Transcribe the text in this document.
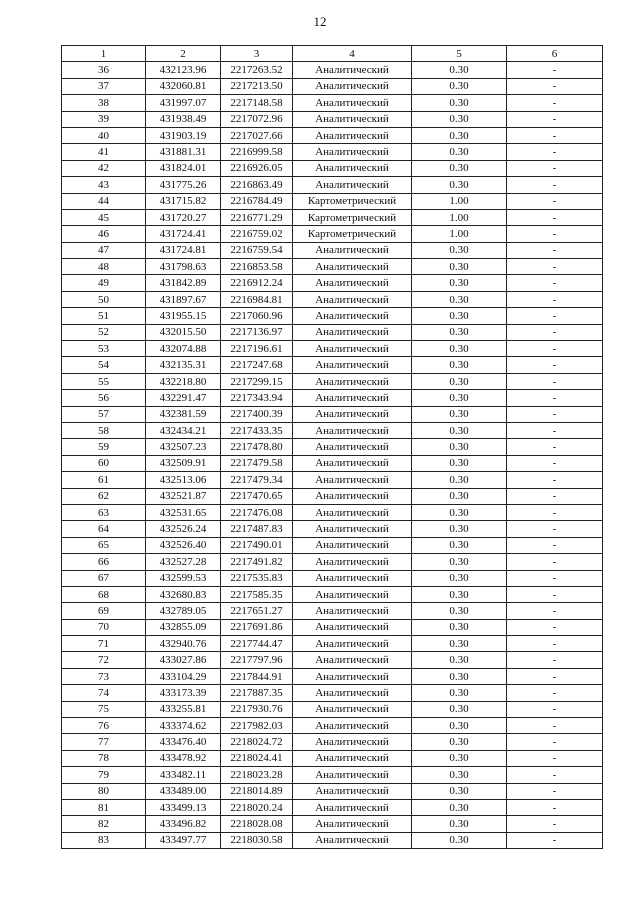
12
1	2	3	4	5	6
36	432123.96	2217263.52	Аналитический	0.30	-
37	432060.81	2217213.50	Аналитический	0.30	-
38	431997.07	2217148.58	Аналитический	0.30	-
39	431938.49	2217072.96	Аналитический	0.30	-
40	431903.19	2217027.66	Аналитический	0.30	-
41	431881.31	2216999.58	Аналитический	0.30	-
42	431824.01	2216926.05	Аналитический	0.30	-
43	431775.26	2216863.49	Аналитический	0.30	-
44	431715.82	2216784.49	Картометрический	1.00	-
45	431720.27	2216771.29	Картометрический	1.00	-
46	431724.41	2216759.02	Картометрический	1.00	-
47	431724.81	2216759.54	Аналитический	0.30	-
48	431798.63	2216853.58	Аналитический	0.30	-
49	431842.89	2216912.24	Аналитический	0.30	-
50	431897.67	2216984.81	Аналитический	0.30	-
51	431955.15	2217060.96	Аналитический	0.30	-
52	432015.50	2217136.97	Аналитический	0.30	-
53	432074.88	2217196.61	Аналитический	0.30	-
54	432135.31	2217247.68	Аналитический	0.30	-
55	432218.80	2217299.15	Аналитический	0.30	-
56	432291.47	2217343.94	Аналитический	0.30	-
57	432381.59	2217400.39	Аналитический	0.30	-
58	432434.21	2217433.35	Аналитический	0.30	-
59	432507.23	2217478.80	Аналитический	0.30	-
60	432509.91	2217479.58	Аналитический	0.30	-
61	432513.06	2217479.34	Аналитический	0.30	-
62	432521.87	2217470.65	Аналитический	0.30	-
63	432531.65	2217476.08	Аналитический	0.30	-
64	432526.24	2217487.83	Аналитический	0.30	-
65	432526.40	2217490.01	Аналитический	0.30	-
66	432527.28	2217491.82	Аналитический	0.30	-
67	432599.53	2217535.83	Аналитический	0.30	-
68	432680.83	2217585.35	Аналитический	0.30	-
69	432789.05	2217651.27	Аналитический	0.30	-
70	432855.09	2217691.86	Аналитический	0.30	-
71	432940.76	2217744.47	Аналитический	0.30	-
72	433027.86	2217797.96	Аналитический	0.30	-
73	433104.29	2217844.91	Аналитический	0.30	-
74	433173.39	2217887.35	Аналитический	0.30	-
75	433255.81	2217930.76	Аналитический	0.30	-
76	433374.62	2217982.03	Аналитический	0.30	-
77	433476.40	2218024.72	Аналитический	0.30	-
78	433478.92	2218024.41	Аналитический	0.30	-
79	433482.11	2218023.28	Аналитический	0.30	-
80	433489.00	2218014.89	Аналитический	0.30	-
81	433499.13	2218020.24	Аналитический	0.30	-
82	433496.82	2218028.08	Аналитический	0.30	-
83	433497.77	2218030.58	Аналитический	0.30	-
